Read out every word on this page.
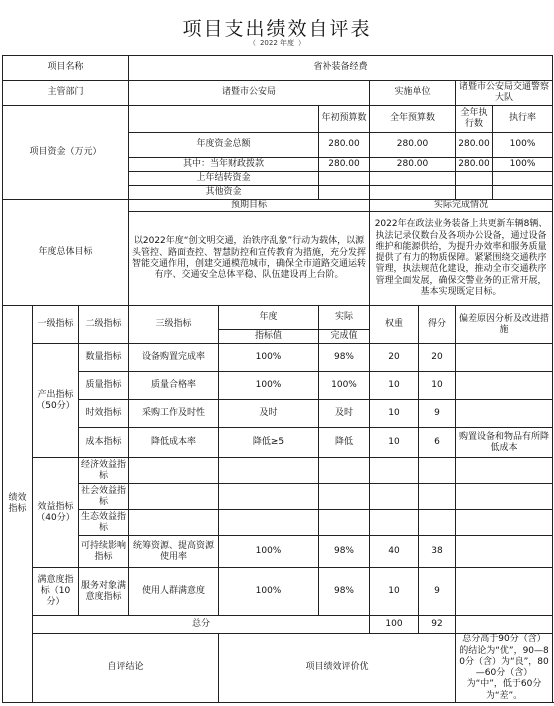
项目支出绩效自评表
（ 2022 年度 ）
项目名称			省补装备经费						
主管部门			诸暨市公安局			实施单位		诸暨市公安局交通警察大队	
项目资金（万元）					年初预算数	全年预算数		全年执行数	执行率
			年度资金总额		280.00	280.00		280.00	100%
			其中：当年财政拨款		280.00	280.00		280.00	100%
			上年结转资金						
			其他资金						
年度总体目标			预期目标			实际完成情况			
			以2022年度“创文明交通，治铁序乱象”行动为载体，以源头管控、路面查控、智慧防控和宣传教育为措施，充分发挥智能交通作用，创建交通模范城市，确保全市道路交通运转有序、交通安全总体平稳、队伍建设再上台阶。			2022年在政法业务装备上共更新车辆8辆、执法记录仪数台及各项办公设备，通过设备维护和能源供给，为提升办效率和服务质量提供了有力的物质保障。紧紧围绕交通秩序管理，执法规范化建设，推动全市交通秩序管理全面发展，确保交警业务的正常开展，基本实现既定目标。			
绩效指标	一级指标	二级指标	三级指标	年度	实际	权重	得分	偏差原因分析及改进措施	
				指标值	完成值				
	产出指标（50分）	数量指标	设备购置完成率	100%	98%	20	20		
		质量指标	质量合格率	100%	100%	10	10		
		时效指标	采购工作及时性	及时	及时	10	9		
		成本指标	降低成本率	降低≥5	降低	10	6	购置设备和物品有所降低成本	
	效益指标（40分）	经济效益指标							
		社会效益指标							
		生态效益指标							
		可持续影响指标	统筹资源、提高资源使用率	100%	98%	40	38		
	满意度指标（10分）	服务对象满意度指标	使用人群满意度	100%	98%	10	9		
	总分					100	92		
	自评结论			项目绩效评价优				总分高于90分（含）的结论为“优”，90—80分（含）为“良”，80—60分（含）为“中”，低于60分为“差”。	
